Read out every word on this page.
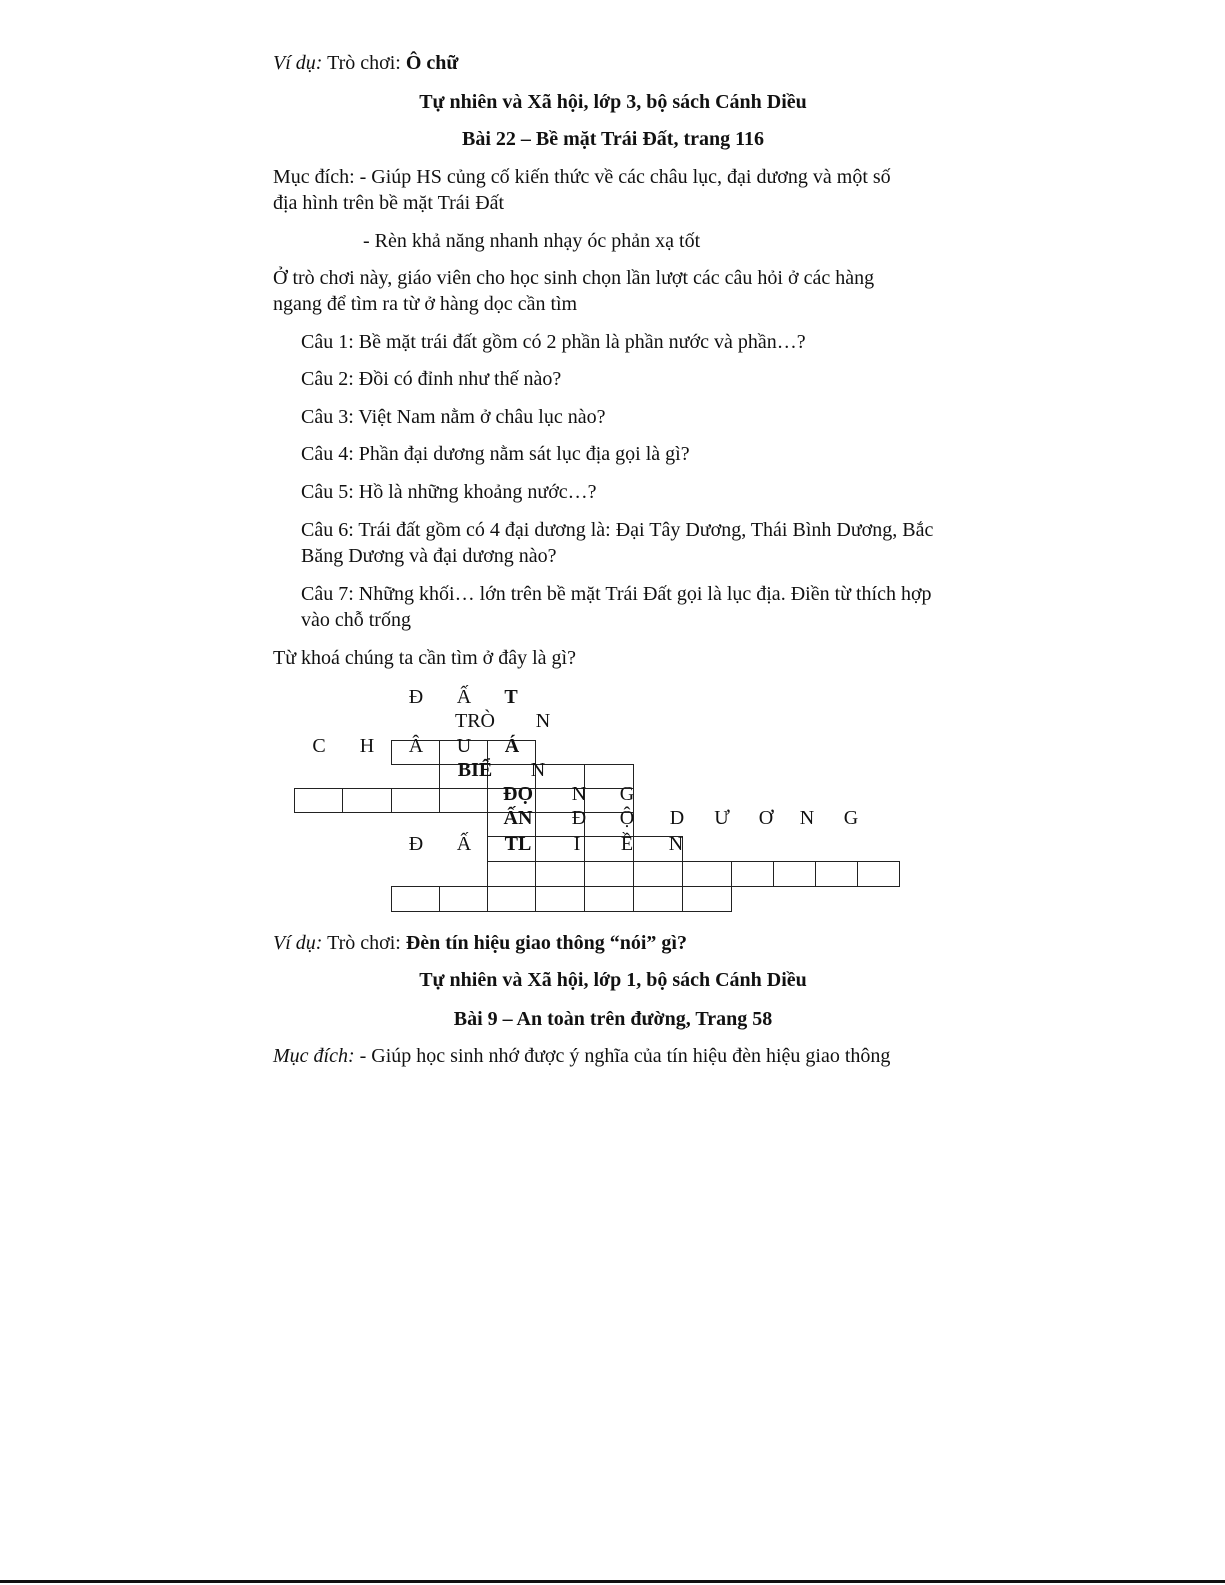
Ví dụ: Trò chơi: Ô chữ
Tự nhiên và Xã hội, lớp 3, bộ sách Cánh Diều
Bài 22 – Bề mặt Trái Đất, trang 116
Mục đích: - Giúp HS củng cố kiến thức về các châu lục, đại dương và một số
địa hình trên bề mặt Trái Đất
- Rèn khả năng nhanh nhạy óc phản xạ tốt
Ở trò chơi này, giáo viên cho học sinh chọn lần lượt các câu hỏi ở các hàng
ngang để tìm ra từ ở hàng dọc cần tìm
Câu 1: Bề mặt trái đất gồm có 2 phần là phần nước và phần…?
Câu 2: Đồi có đỉnh như thế nào?
Câu 3: Việt Nam nằm ở châu lục nào?
Câu 4: Phần đại dương nằm sát lục địa gọi là gì?
Câu 5: Hồ là những khoảng nước…?
Câu 6: Trái đất gồm có 4 đại dương là: Đại Tây Dương, Thái Bình Dương, Bắc Băng Dương và đại dương nào?
Câu 7: Những khối… lớn trên bề mặt Trái Đất gọi là lục địa. Điền từ thích hợp vào chỗ trống
Từ khoá chúng ta cần tìm ở đây là gì?
Đ	Ấ	T
TRÒ	N
C	H	Â	U	Á
BIỂ	N
ĐỌ	N	G
ẤN	Đ	Ộ	D	Ư	Ơ	N	G
Đ	Ấ	TL	I	Ề	N
Ví dụ: Trò chơi: Đèn tín hiệu giao thông “nói” gì?
Tự nhiên và Xã hội, lớp 1, bộ sách Cánh Diều
Bài 9 – An toàn trên đường, Trang 58
Mục đích: - Giúp học sinh nhớ được ý nghĩa của tín hiệu đèn hiệu giao thông
